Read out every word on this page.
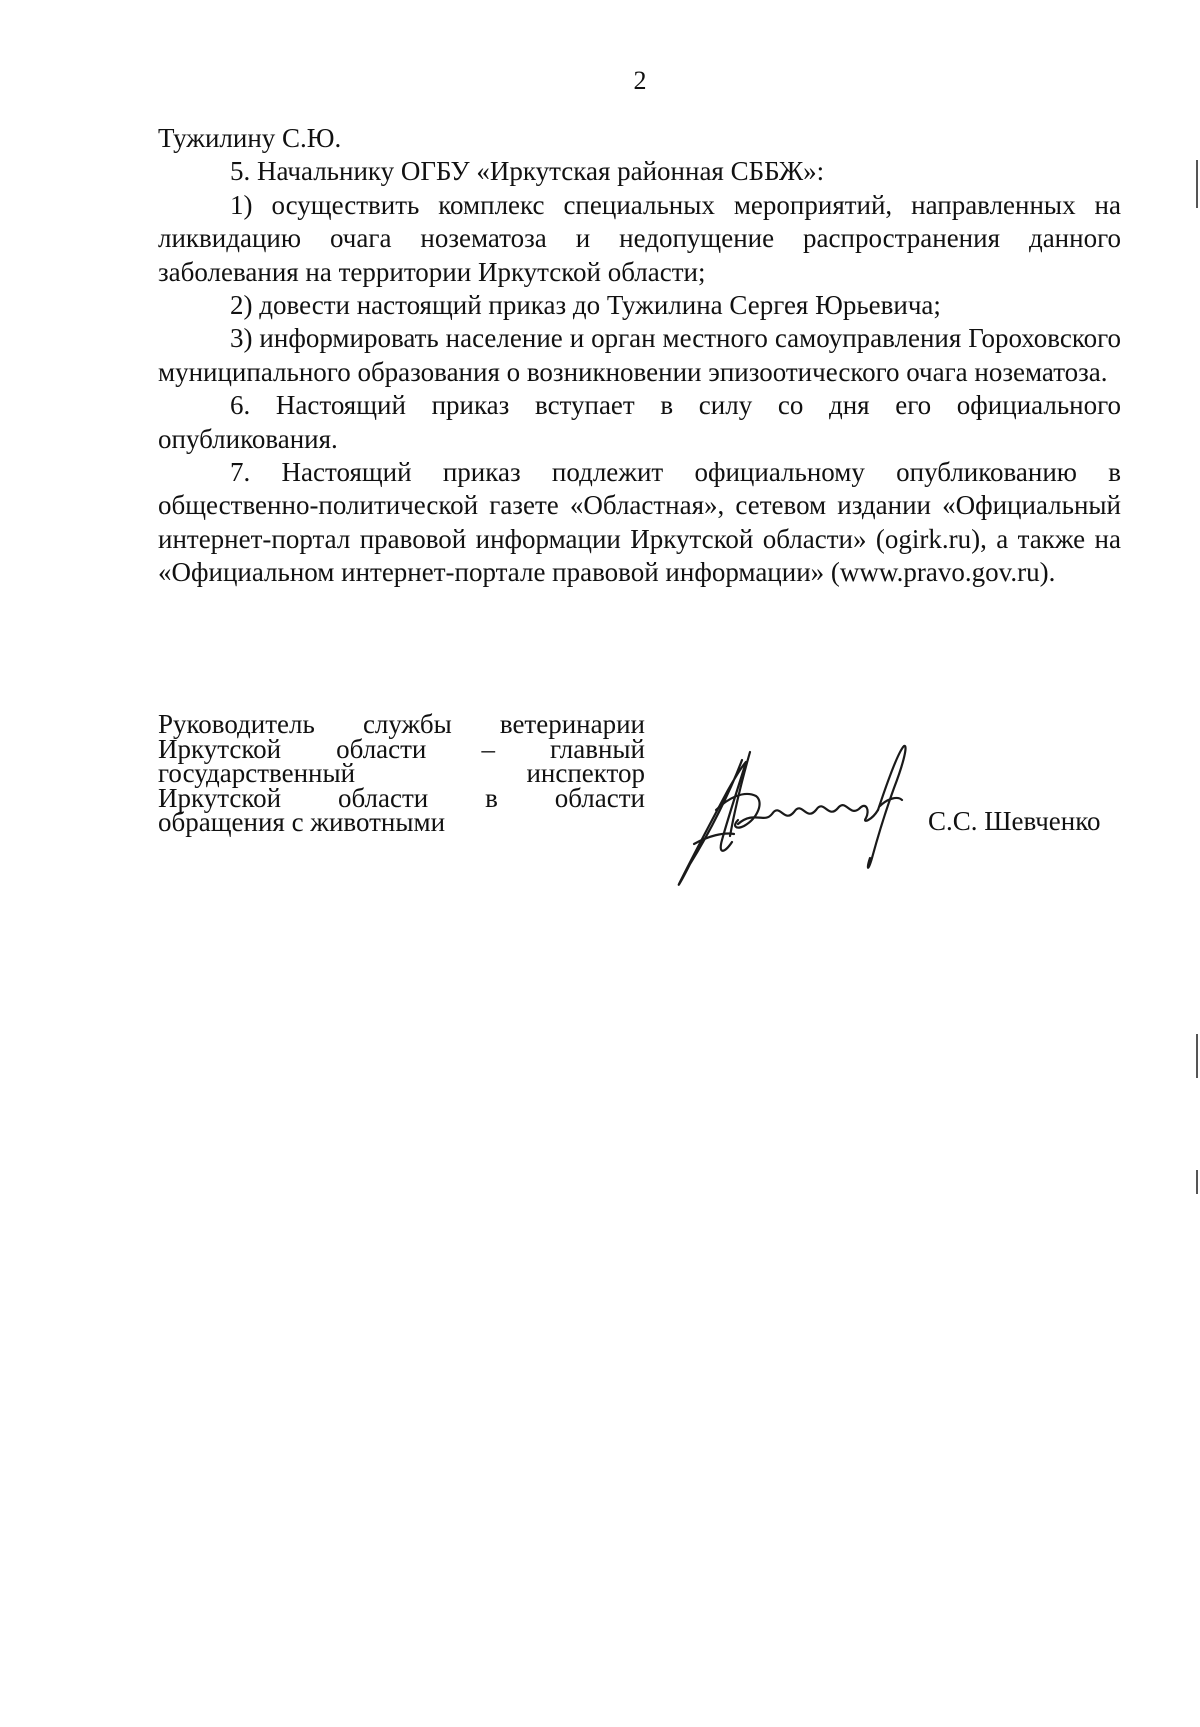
2

Тужилину С.Ю.

5. Начальнику ОГБУ «Иркутская районная СББЖ»:

1) осуществить комплекс специальных мероприятий, направленных на ликвидацию очага нозематоза и недопущение распространения данного заболевания на территории Иркутской области;

2) довести настоящий приказ до Тужилина Сергея Юрьевича;

3) информировать население и орган местного самоуправления Гороховского муниципального образования о возникновении эпизоотического очага нозематоза.

6. Настоящий приказ вступает в силу со дня его официального опубликования.

7. Настоящий приказ подлежит официальному опубликованию в общественно-политической газете «Областная», сетевом издании «Официальный интернет-портал правовой информации Иркутской области» (ogirk.ru), а также на «Официальном интернет-портале правовой информации» (www.pravo.gov.ru).

Руководитель службы ветеринарии
Иркутской области – главный
государственный инспектор
Иркутской области в области
обращения с животными	С.С. Шевченко
